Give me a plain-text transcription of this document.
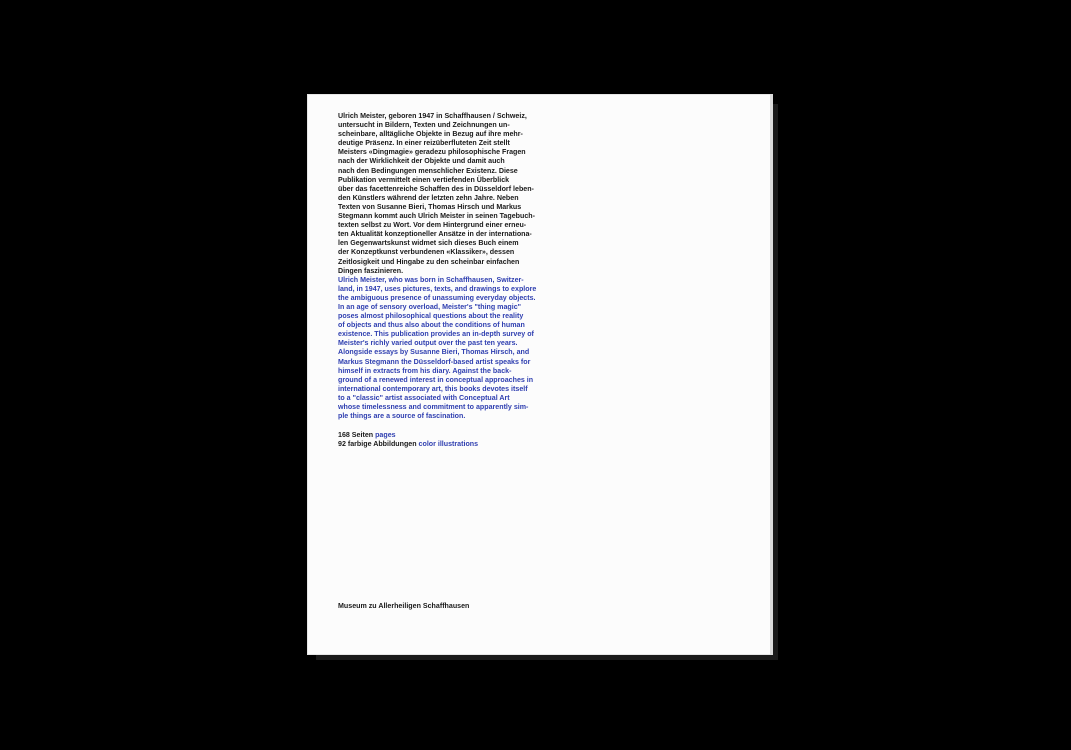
Ulrich Meister, geboren 1947 in Schaffhausen / Schweiz,
untersucht in Bildern, Texten und Zeichnungen un-
scheinbare, alltägliche Objekte in Bezug auf ihre mehr-
deutige Präsenz. In einer reizüberfluteten Zeit stellt
Meisters «Dingmagie» geradezu philosophische Fragen
nach der Wirklichkeit der Objekte und damit auch
nach den Bedingungen menschlicher Existenz. Diese
Publikation vermittelt einen vertiefenden Überblick
über das facettenreiche Schaffen des in Düsseldorf leben-
den Künstlers während der letzten zehn Jahre. Neben
Texten von Susanne Bieri, Thomas Hirsch und Markus
Stegmann kommt auch Ulrich Meister in seinen Tagebuch-
texten selbst zu Wort. Vor dem Hintergrund einer erneu-
ten Aktualität konzeptioneller Ansätze in der internationa-
len Gegenwartskunst widmet sich dieses Buch einem
der Konzeptkunst verbundenen «Klassiker», dessen
Zeitlosigkeit und Hingabe zu den scheinbar einfachen
Dingen faszinieren.
Ulrich Meister, who was born in Schaffhausen, Switzer-
land, in 1947, uses pictures, texts, and drawings to explore
the ambiguous presence of unassuming everyday objects.
In an age of sensory overload, Meister's "thing magic"
poses almost philosophical questions about the reality
of objects and thus also about the conditions of human
existence. This publication provides an in-depth survey of
Meister's richly varied output over the past ten years.
Alongside essays by Susanne Bieri, Thomas Hirsch, and
Markus Stegmann the Düsseldorf-based artist speaks for
himself in extracts from his diary. Against the back-
ground of a renewed interest in conceptual approaches in
international contemporary art, this books devotes itself
to a "classic" artist associated with Conceptual Art
whose timelessness and commitment to apparently sim-
ple things are a source of fascination.
168 Seiten pages
92 farbige Abbildungen color illustrations
Museum zu Allerheiligen Schaffhausen
